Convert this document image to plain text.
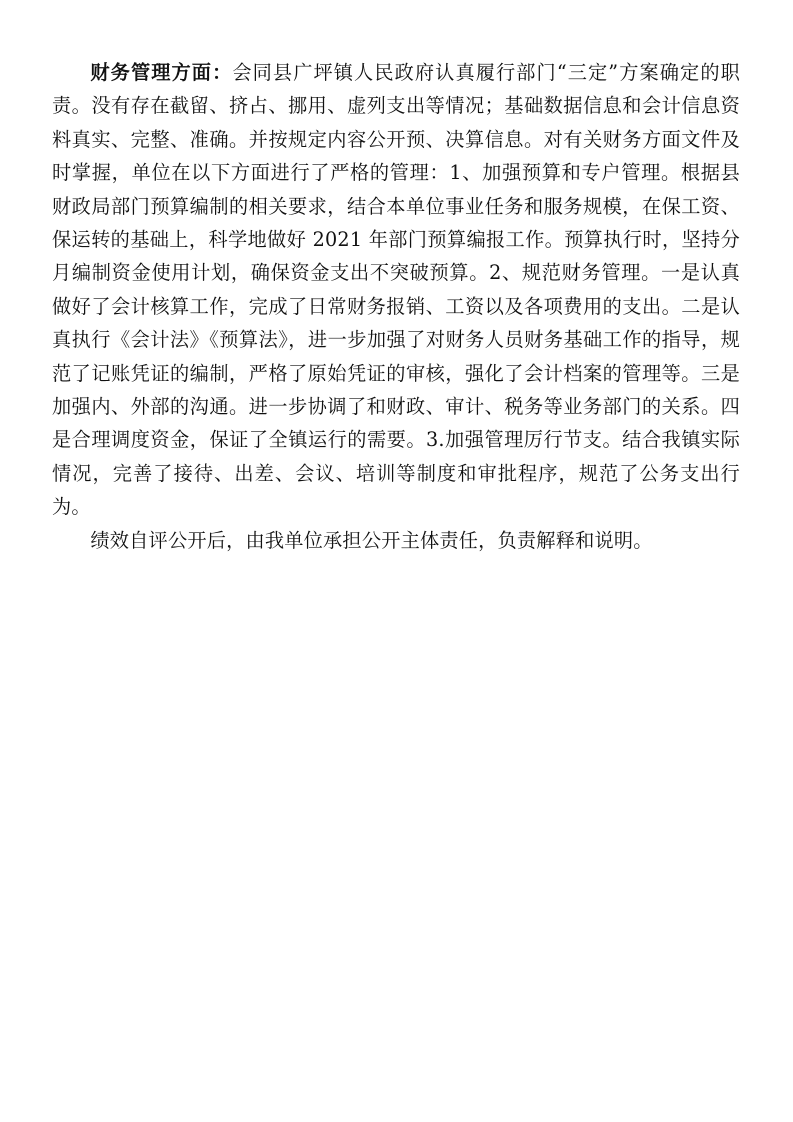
财务管理方面：会同县广坪镇人民政府认真履行部门“三定”方案确定的职责。没有存在截留、挤占、挪用、虚列支出等情况；基础数据信息和会计信息资料真实、完整、准确。并按规定内容公开预、决算信息。对有关财务方面文件及时掌握，单位在以下方面进行了严格的管理：1、加强预算和专户管理。根据县财政局部门预算编制的相关要求，结合本单位事业任务和服务规模，在保工资、保运转的基础上，科学地做好 2021 年部门预算编报工作。预算执行时，坚持分月编制资金使用计划，确保资金支出不突破预算。2、规范财务管理。一是认真做好了会计核算工作，完成了日常财务报销、工资以及各项费用的支出。二是认真执行《会计法》《预算法》，进一步加强了对财务人员财务基础工作的指导，规范了记账凭证的编制，严格了原始凭证的审核，强化了会计档案的管理等。三是加强内、外部的沟通。进一步协调了和财政、审计、税务等业务部门的关系。四是合理调度资金，保证了全镇运行的需要。3.加强管理厉行节支。结合我镇实际情况，完善了接待、出差、会议、培训等制度和审批程序，规范了公务支出行为。

绩效自评公开后，由我单位承担公开主体责任，负责解释和说明。
